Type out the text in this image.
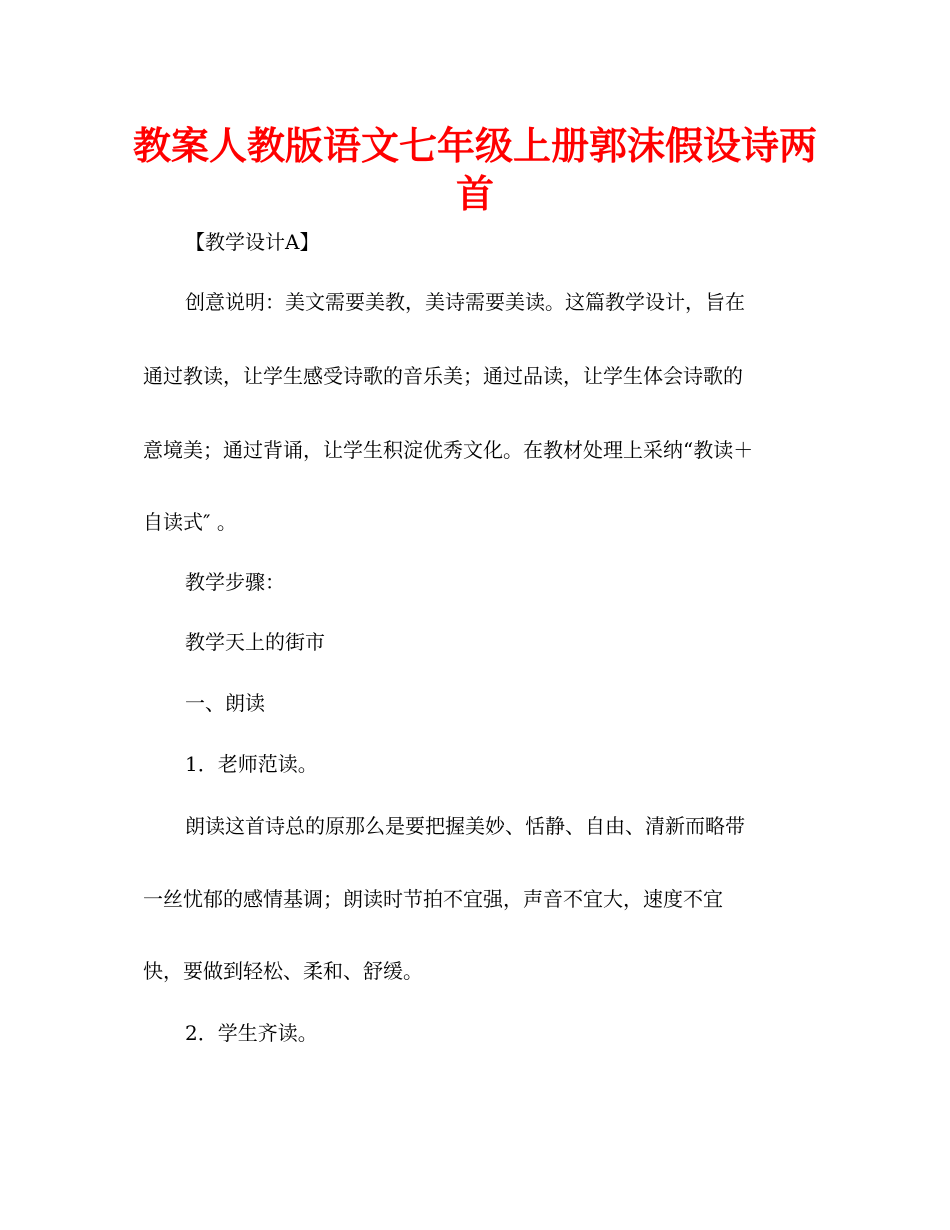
教案人教版语文七年级上册郭沫假设诗两
首

【教学设计A】

创意说明：美文需要美教，美诗需要美读。这篇教学设计，旨在

通过教读，让学生感受诗歌的音乐美；通过品读，让学生体会诗歌的

意境美；通过背诵，让学生积淀优秀文化。在教材处理上采纳“教读＋

自读式″ 。

教学步骤：

教学天上的街市

一、朗读

1．老师范读。

朗读这首诗总的原那么是要把握美妙、恬静、自由、清新而略带

一丝忧郁的感情基调；朗读时节拍不宜强，声音不宜大，速度不宜

快，要做到轻松、柔和、舒缓。

2．学生齐读。
